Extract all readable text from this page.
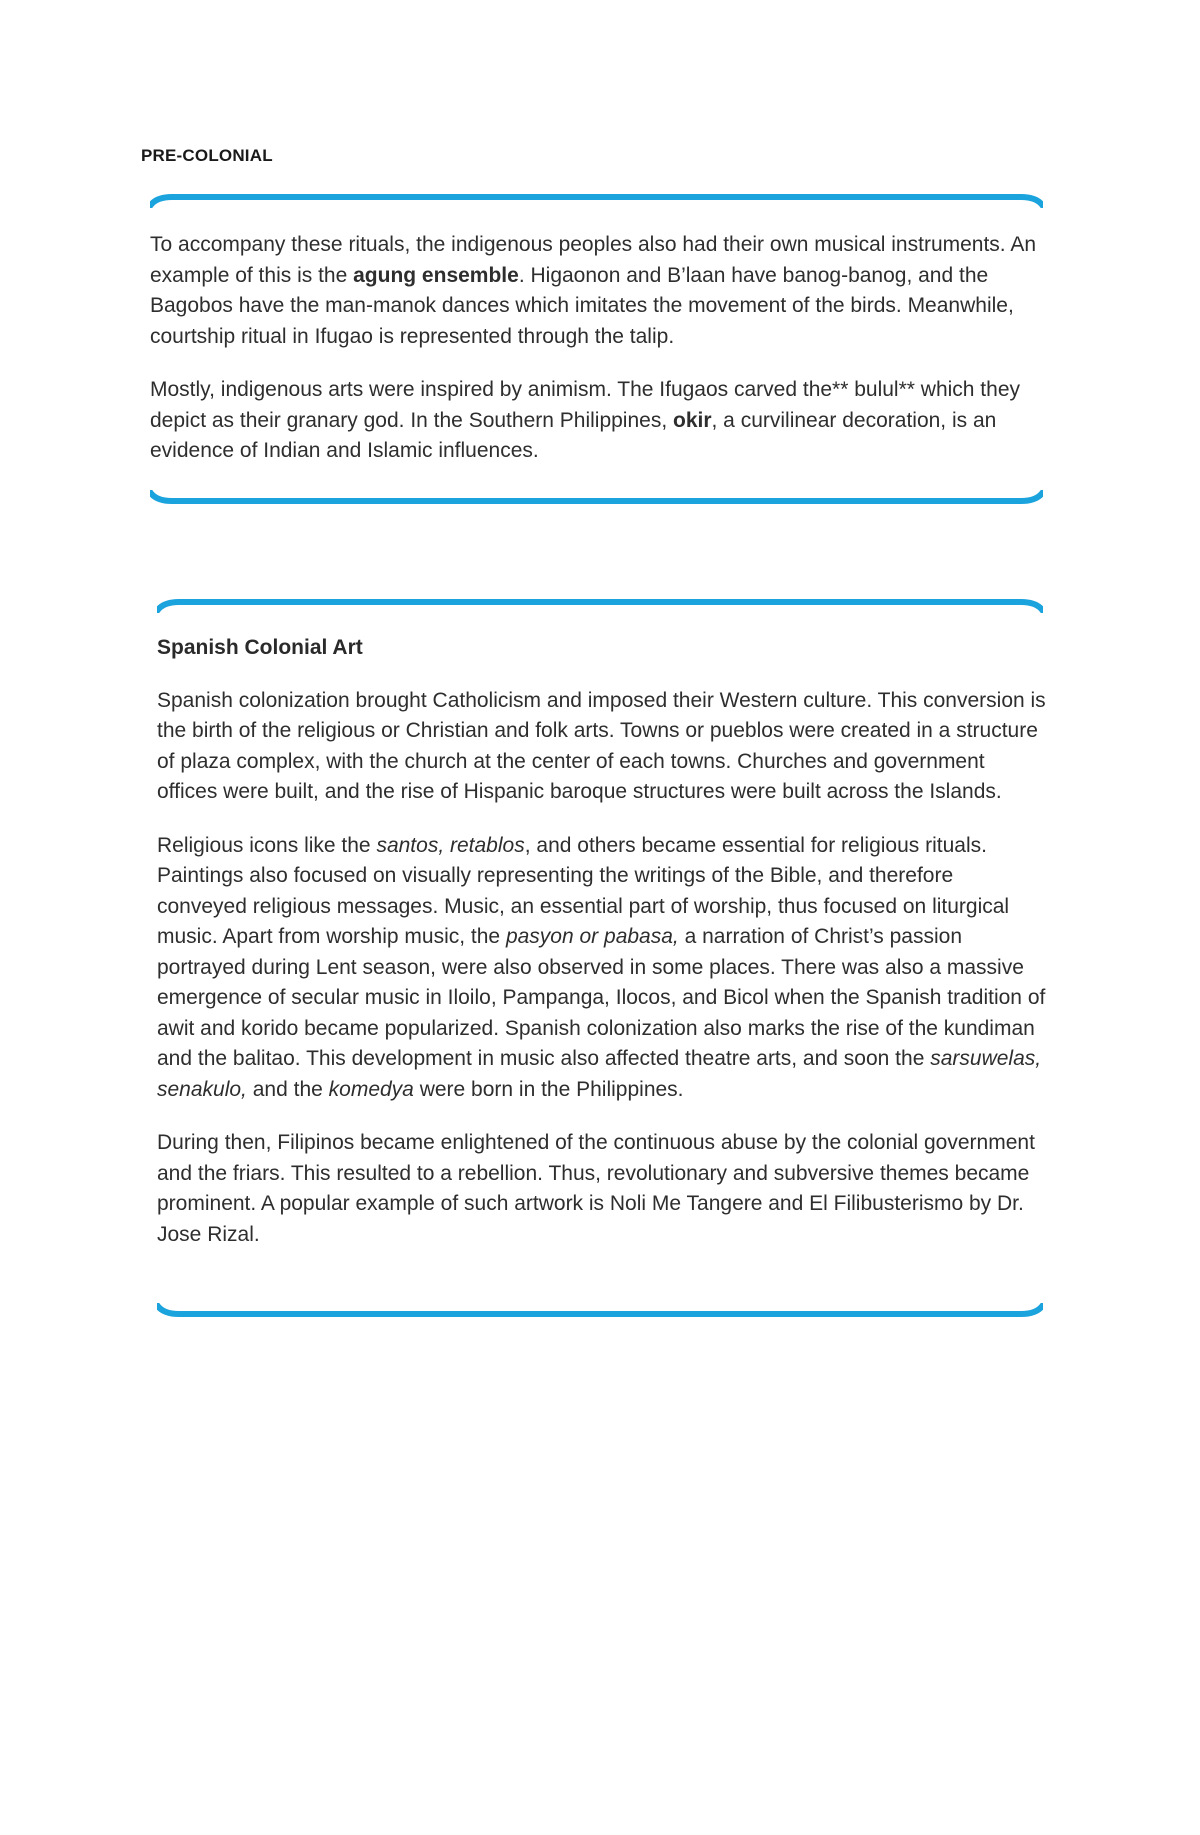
PRE-COLONIAL

To accompany these rituals, the indigenous peoples also had their own musical instruments. An example of this is the agung ensemble. Higaonon and B’laan have banog-banog, and the Bagobos have the man-manok dances which imitates the movement of the birds. Meanwhile, courtship ritual in Ifugao is represented through the talip.

Mostly, indigenous arts were inspired by animism. The Ifugaos carved the** bulul** which they depict as their granary god. In the Southern Philippines, okir, a curvilinear decoration, is an evidence of Indian and Islamic influences.

Spanish Colonial Art

Spanish colonization brought Catholicism and imposed their Western culture. This conversion is the birth of the religious or Christian and folk arts. Towns or pueblos were created in a structure of plaza complex, with the church at the center of each towns. Churches and government offices were built, and the rise of Hispanic baroque structures were built across the Islands.

Religious icons like the santos, retablos, and others became essential for religious rituals. Paintings also focused on visually representing the writings of the Bible, and therefore conveyed religious messages. Music, an essential part of worship, thus focused on liturgical music. Apart from worship music, the pasyon or pabasa, a narration of Christ’s passion portrayed during Lent season, were also observed in some places. There was also a massive emergence of secular music in Iloilo, Pampanga, Ilocos, and Bicol when the Spanish tradition of awit and korido became popularized. Spanish colonization also marks the rise of the kundiman and the balitao. This development in music also affected theatre arts, and soon the sarsuwelas, senakulo, and the komedya were born in the Philippines.

During then, Filipinos became enlightened of the continuous abuse by the colonial government and the friars. This resulted to a rebellion. Thus, revolutionary and subversive themes became prominent. A popular example of such artwork is Noli Me Tangere and El Filibusterismo by Dr. Jose Rizal.
